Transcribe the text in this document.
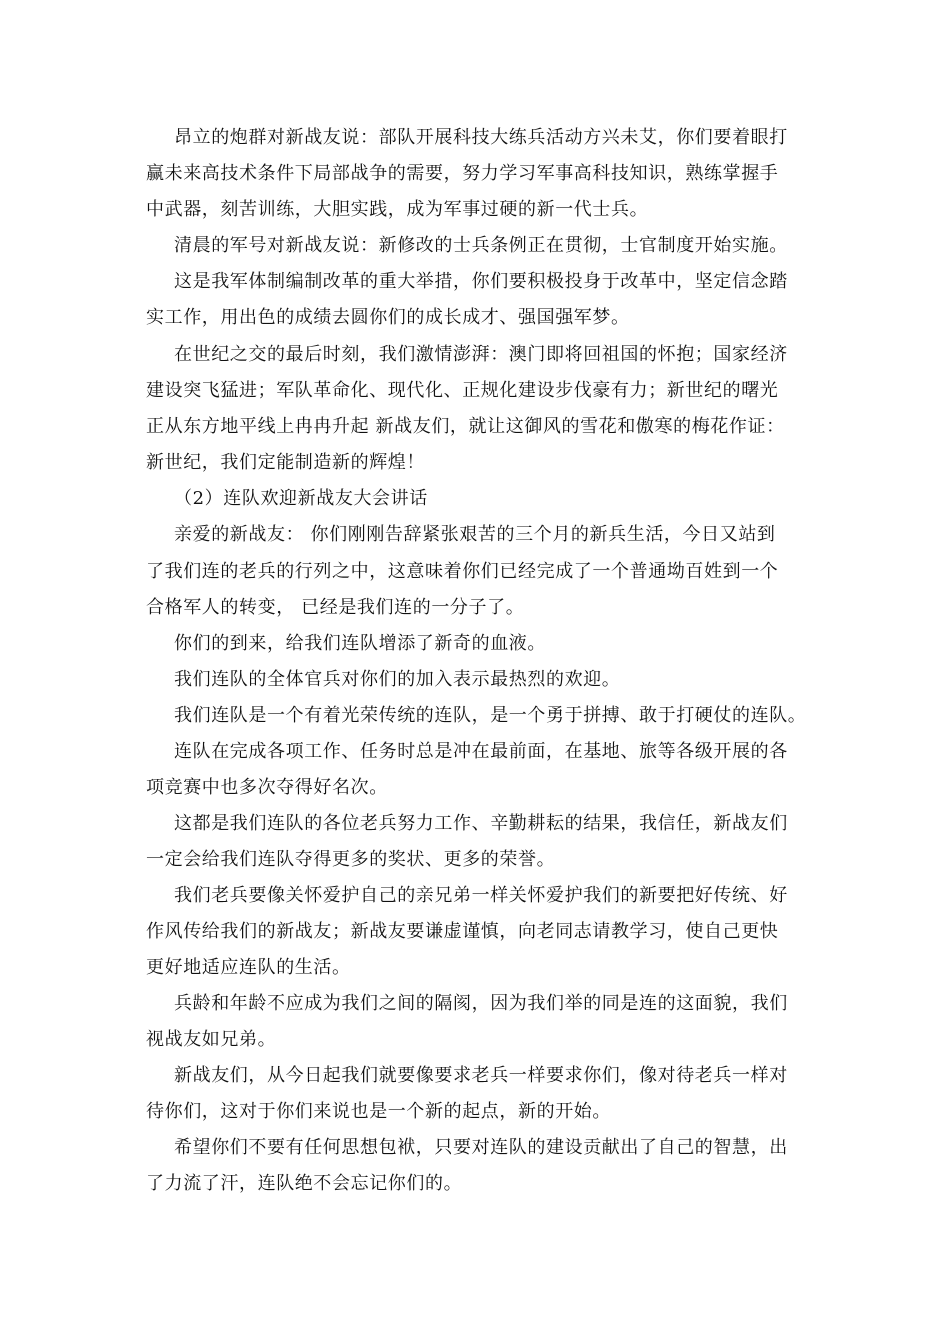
昂立的炮群对新战友说：部队开展科技大练兵活动方兴未艾，你们要着眼打
赢未来高技术条件下局部战争的需要，努力学习军事高科技知识，熟练掌握手
中武器，刻苦训练，大胆实践，成为军事过硬的新一代士兵。
清晨的军号对新战友说：新修改的士兵条例正在贯彻，士官制度开始实施。
这是我军体制编制改革的重大举措，你们要积极投身于改革中，坚定信念踏
实工作，用出色的成绩去圆你们的成长成才、强国强军梦。
在世纪之交的最后时刻，我们激情澎湃：澳门即将回祖国的怀抱；国家经济
建设突飞猛进；军队革命化、现代化、正规化建设步伐豪有力；新世纪的曙光
正从东方地平线上冉冉升起 新战友们，就让这御风的雪花和傲寒的梅花作证：
新世纪，我们定能制造新的辉煌！
（2）连队欢迎新战友大会讲话
亲爱的新战友： 你们刚刚告辞紧张艰苦的三个月的新兵生活，今日又站到
了我们连的老兵的行列之中，这意味着你们已经完成了一个普通坳百姓到一个
合格军人的转变， 已经是我们连的一分子了。
你们的到来，给我们连队增添了新奇的血液。
我们连队的全体官兵对你们的加入表示最热烈的欢迎。
我们连队是一个有着光荣传统的连队，是一个勇于拼搏、敢于打硬仗的连队。
连队在完成各项工作、任务时总是冲在最前面，在基地、旅等各级开展的各
项竞赛中也多次夺得好名次。
这都是我们连队的各位老兵努力工作、辛勤耕耘的结果，我信任，新战友们
一定会给我们连队夺得更多的奖状、更多的荣誉。
我们老兵要像关怀爱护自己的亲兄弟一样关怀爱护我们的新要把好传统、好
作风传给我们的新战友；新战友要谦虚谨慎，向老同志请教学习，使自己更快
更好地适应连队的生活。
兵龄和年龄不应成为我们之间的隔阂，因为我们举的同是连的这面貌，我们
视战友如兄弟。
新战友们，从今日起我们就要像要求老兵一样要求你们，像对待老兵一样对
待你们，这对于你们来说也是一个新的起点，新的开始。
希望你们不要有任何思想包袱，只要对连队的建设贡献出了自己的智慧，出
了力流了汗，连队绝不会忘记你们的。
